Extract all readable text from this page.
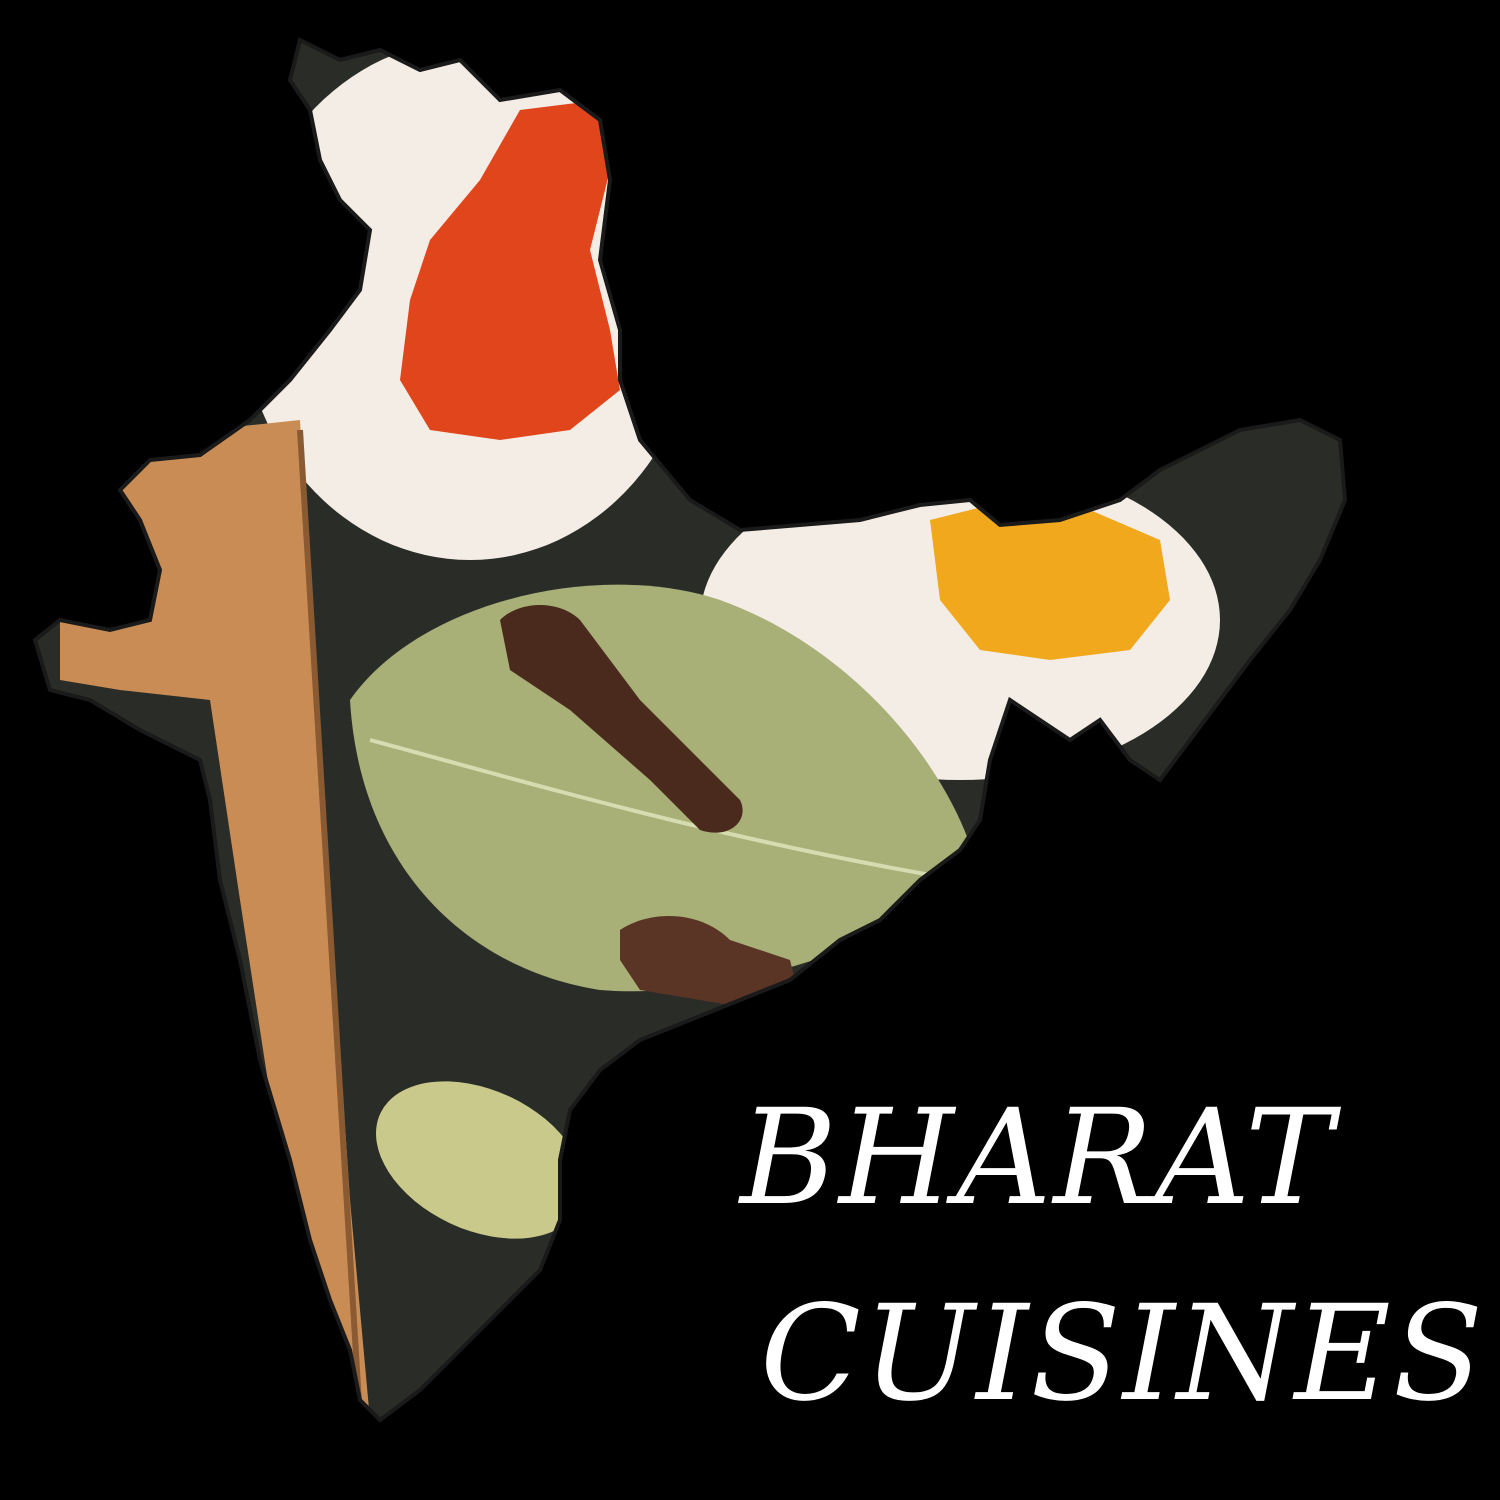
BHARAT
CUISINES
